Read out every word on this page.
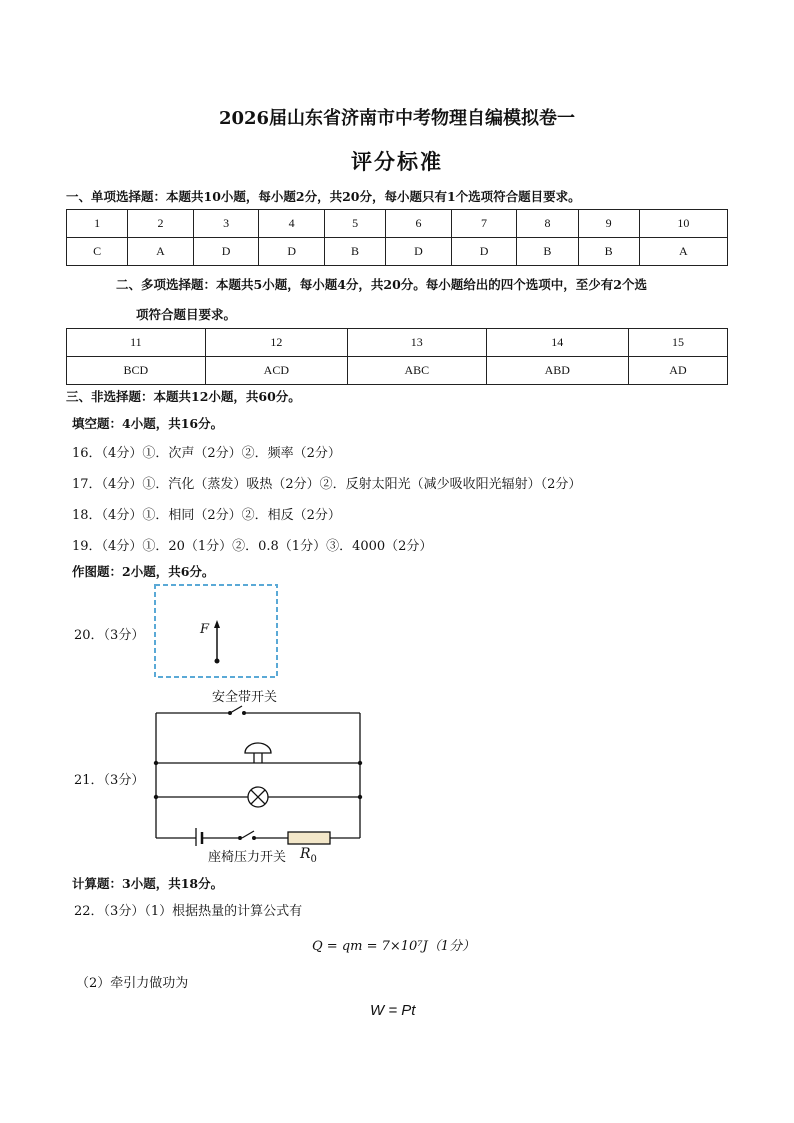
2026届山东省济南市中考物理自编模拟卷一
评分标准
一、单项选择题：本题共10小题，每小题2分，共20分，每小题只有1个选项符合题目要求。
1	2	3	4	5	6	7	8	9	10
C	A	D	D	B	D	D	B	B	A
二、多项选择题：本题共5小题，每小题4分，共20分。每小题给出的四个选项中，至少有2个选
项符合题目要求。
11	12	13	14	15
BCD	ACD	ABC	ABD	AD
三、非选择题：本题共12小题，共60分。
填空题：4小题，共16分。
16．（4分）①．次声（2分）②．频率（2分）
17．（4分）①．汽化（蒸发）吸热（2分）②．反射太阳光（减少吸收阳光辐射）（2分）
18．（4分）①．相同（2分）②．相反（2分）
19．（4分）①．20（1分）②．0.8（1分）③．4000（2分）
作图题：2小题，共6分。
20．（3分）	F
21．（3分）
安全带开关
座椅压力开关 $R_0$
计算题：3小题，共18分。
22．（3分）（1）根据热量的计算公式有
Q = qm = 7×10⁷J（1分）
（2）牵引力做功为
W = Pt
